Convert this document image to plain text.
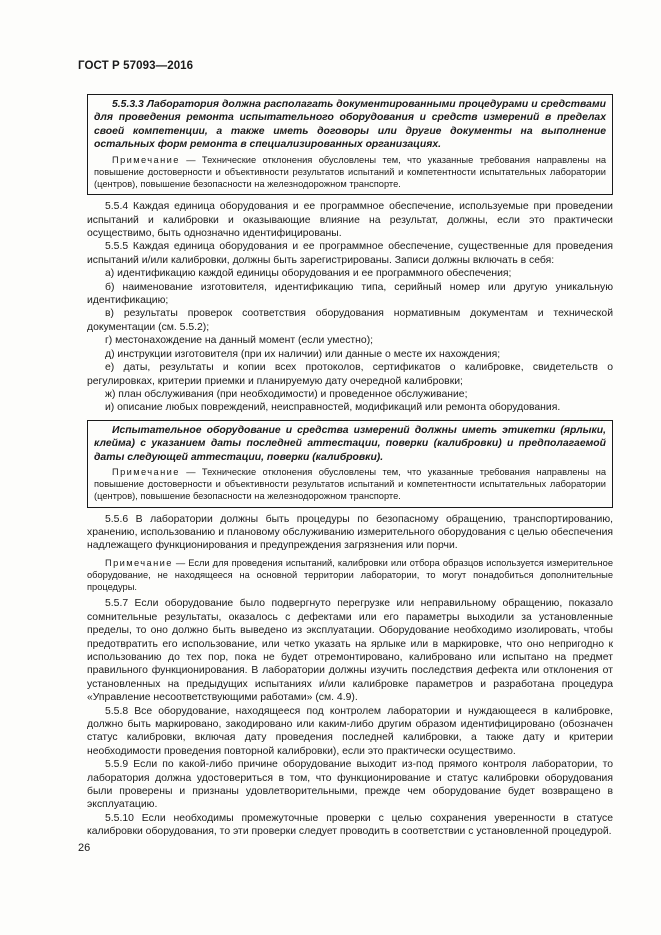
ГОСТ Р 57093—2016

5.5.3.3 Лаборатория должна располагать документированными процедурами и средствами для проведения ремонта испытательного оборудования и средств измерений в пределах своей компетенции, а также иметь договоры или другие документы на выполнение остальных форм ремонта в специализированных организациях.

Примечание — Технические отклонения обусловлены тем, что указанные требования направлены на повышение достоверности и объективности результатов испытаний и компетентности испытательных лаборатории (центров), повышение безопасности на железнодорожном транспорте.

5.5.4 Каждая единица оборудования и ее программное обеспечение, используемые при проведении испытаний и калибровки и оказывающие влияние на результат, должны, если это практически осуществимо, быть однозначно идентифицированы.

5.5.5 Каждая единица оборудования и ее программное обеспечение, существенные для проведения испытаний и/или калибровки, должны быть зарегистрированы. Записи должны включать в себя:

а) идентификацию каждой единицы оборудования и ее программного обеспечения;

б) наименование изготовителя, идентификацию типа, серийный номер или другую уникальную идентификацию;

в) результаты проверок соответствия оборудования нормативным документам и технической документации (см. 5.5.2);

г) местонахождение на данный момент (если уместно);

д) инструкции изготовителя (при их наличии) или данные о месте их нахождения;

е) даты, результаты и копии всех протоколов, сертификатов о калибровке, свидетельств о регулировках, критерии приемки и планируемую дату очередной калибровки;

ж) план обслуживания (при необходимости) и проведенное обслуживание;

и) описание любых повреждений, неисправностей, модификаций или ремонта оборудования.

Испытательное оборудование и средства измерений должны иметь этикетки (ярлыки, клейма) с указанием даты последней аттестации, поверки (калибровки) и предполагаемой даты следующей аттестации, поверки (калибровки).

Примечание — Технические отклонения обусловлены тем, что указанные требования направлены на повышение достоверности и объективности результатов испытаний и компетентности испытательных лаборатории (центров), повышение безопасности на железнодорожном транспорте.

5.5.6 В лаборатории должны быть процедуры по безопасному обращению, транспортированию, хранению, использованию и плановому обслуживанию измерительного оборудования с целью обеспечения надлежащего функционирования и предупреждения загрязнения или порчи.

Примечание — Если для проведения испытаний, калибровки или отбора образцов используется измерительное оборудование, не находящееся на основной территории лаборатории, то могут понадобиться дополнительные процедуры.

5.5.7 Если оборудование было подвергнуто перегрузке или неправильному обращению, показало сомнительные результаты, оказалось с дефектами или его параметры выходили за установленные пределы, то оно должно быть выведено из эксплуатации. Оборудование необходимо изолировать, чтобы предотвратить его использование, или четко указать на ярлыке или в маркировке, что оно непригодно к использованию до тех пор, пока не будет отремонтировано, калибровано или испытано на предмет правильного функционирования. В лаборатории должны изучить последствия дефекта или отклонения от установленных на предыдущих испытаниях и/или калибровке параметров и разработана процедура «Управление несоответствующими работами» (см. 4.9).

5.5.8 Все оборудование, находящееся под контролем лаборатории и нуждающееся в калибровке, должно быть маркировано, закодировано или каким-либо другим образом идентифицировано (обозначен статус калибровки, включая дату проведения последней калибровки, а также дату и критерии необходимости проведения повторной калибровки), если это практически осуществимо.

5.5.9 Если по какой-либо причине оборудование выходит из-под прямого контроля лаборатории, то лаборатория должна удостовериться в том, что функционирование и статус калибровки оборудования были проверены и признаны удовлетворительными, прежде чем оборудование будет возвращено в эксплуатацию.

5.5.10 Если необходимы промежуточные проверки с целью сохранения уверенности в статусе калибровки оборудования, то эти проверки следует проводить в соответствии с установленной процедурой.

26
